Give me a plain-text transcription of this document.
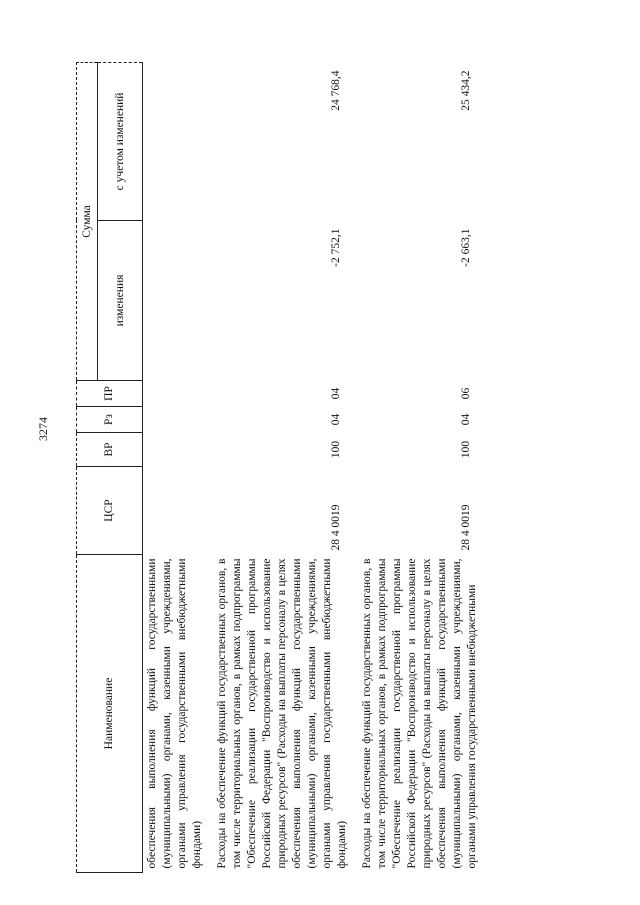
3274
Наименование	ЦСР	ВР	Рз	ПР	Сумма	
					изменения	с учетом изменений
обеспечения выполнения функций государственными (муниципальными) органами, казенными учреждениями, органами управления государственными внебюджетными фондами)						
Расходы на обеспечение функций государственных органов, в том числе территориальных органов, в рамках подпрограммы "Обеспечение реализации государственной программы Российской Федерации "Воспроизводство и использование природных ресурсов" (Расходы на выплаты персоналу в целях обеспечения выполнения функций государственными (муниципальными) органами, казенными учреждениями, органами управления государственными внебюджетными фондами)	28 4 0019	100	04	04	-2 752,1	24 768,4
Расходы на обеспечение функций государственных органов, в том числе территориальных органов, в рамках подпрограммы "Обеспечение реализации государственной программы Российской Федерации "Воспроизводство и использование природных ресурсов" (Расходы на выплаты персоналу в целях обеспечения выполнения функций государственными (муниципальными) органами, казенными учреждениями, органами управления государственными внебюджетными	28 4 0019	100	04	06	-2 663,1	25 434,2
